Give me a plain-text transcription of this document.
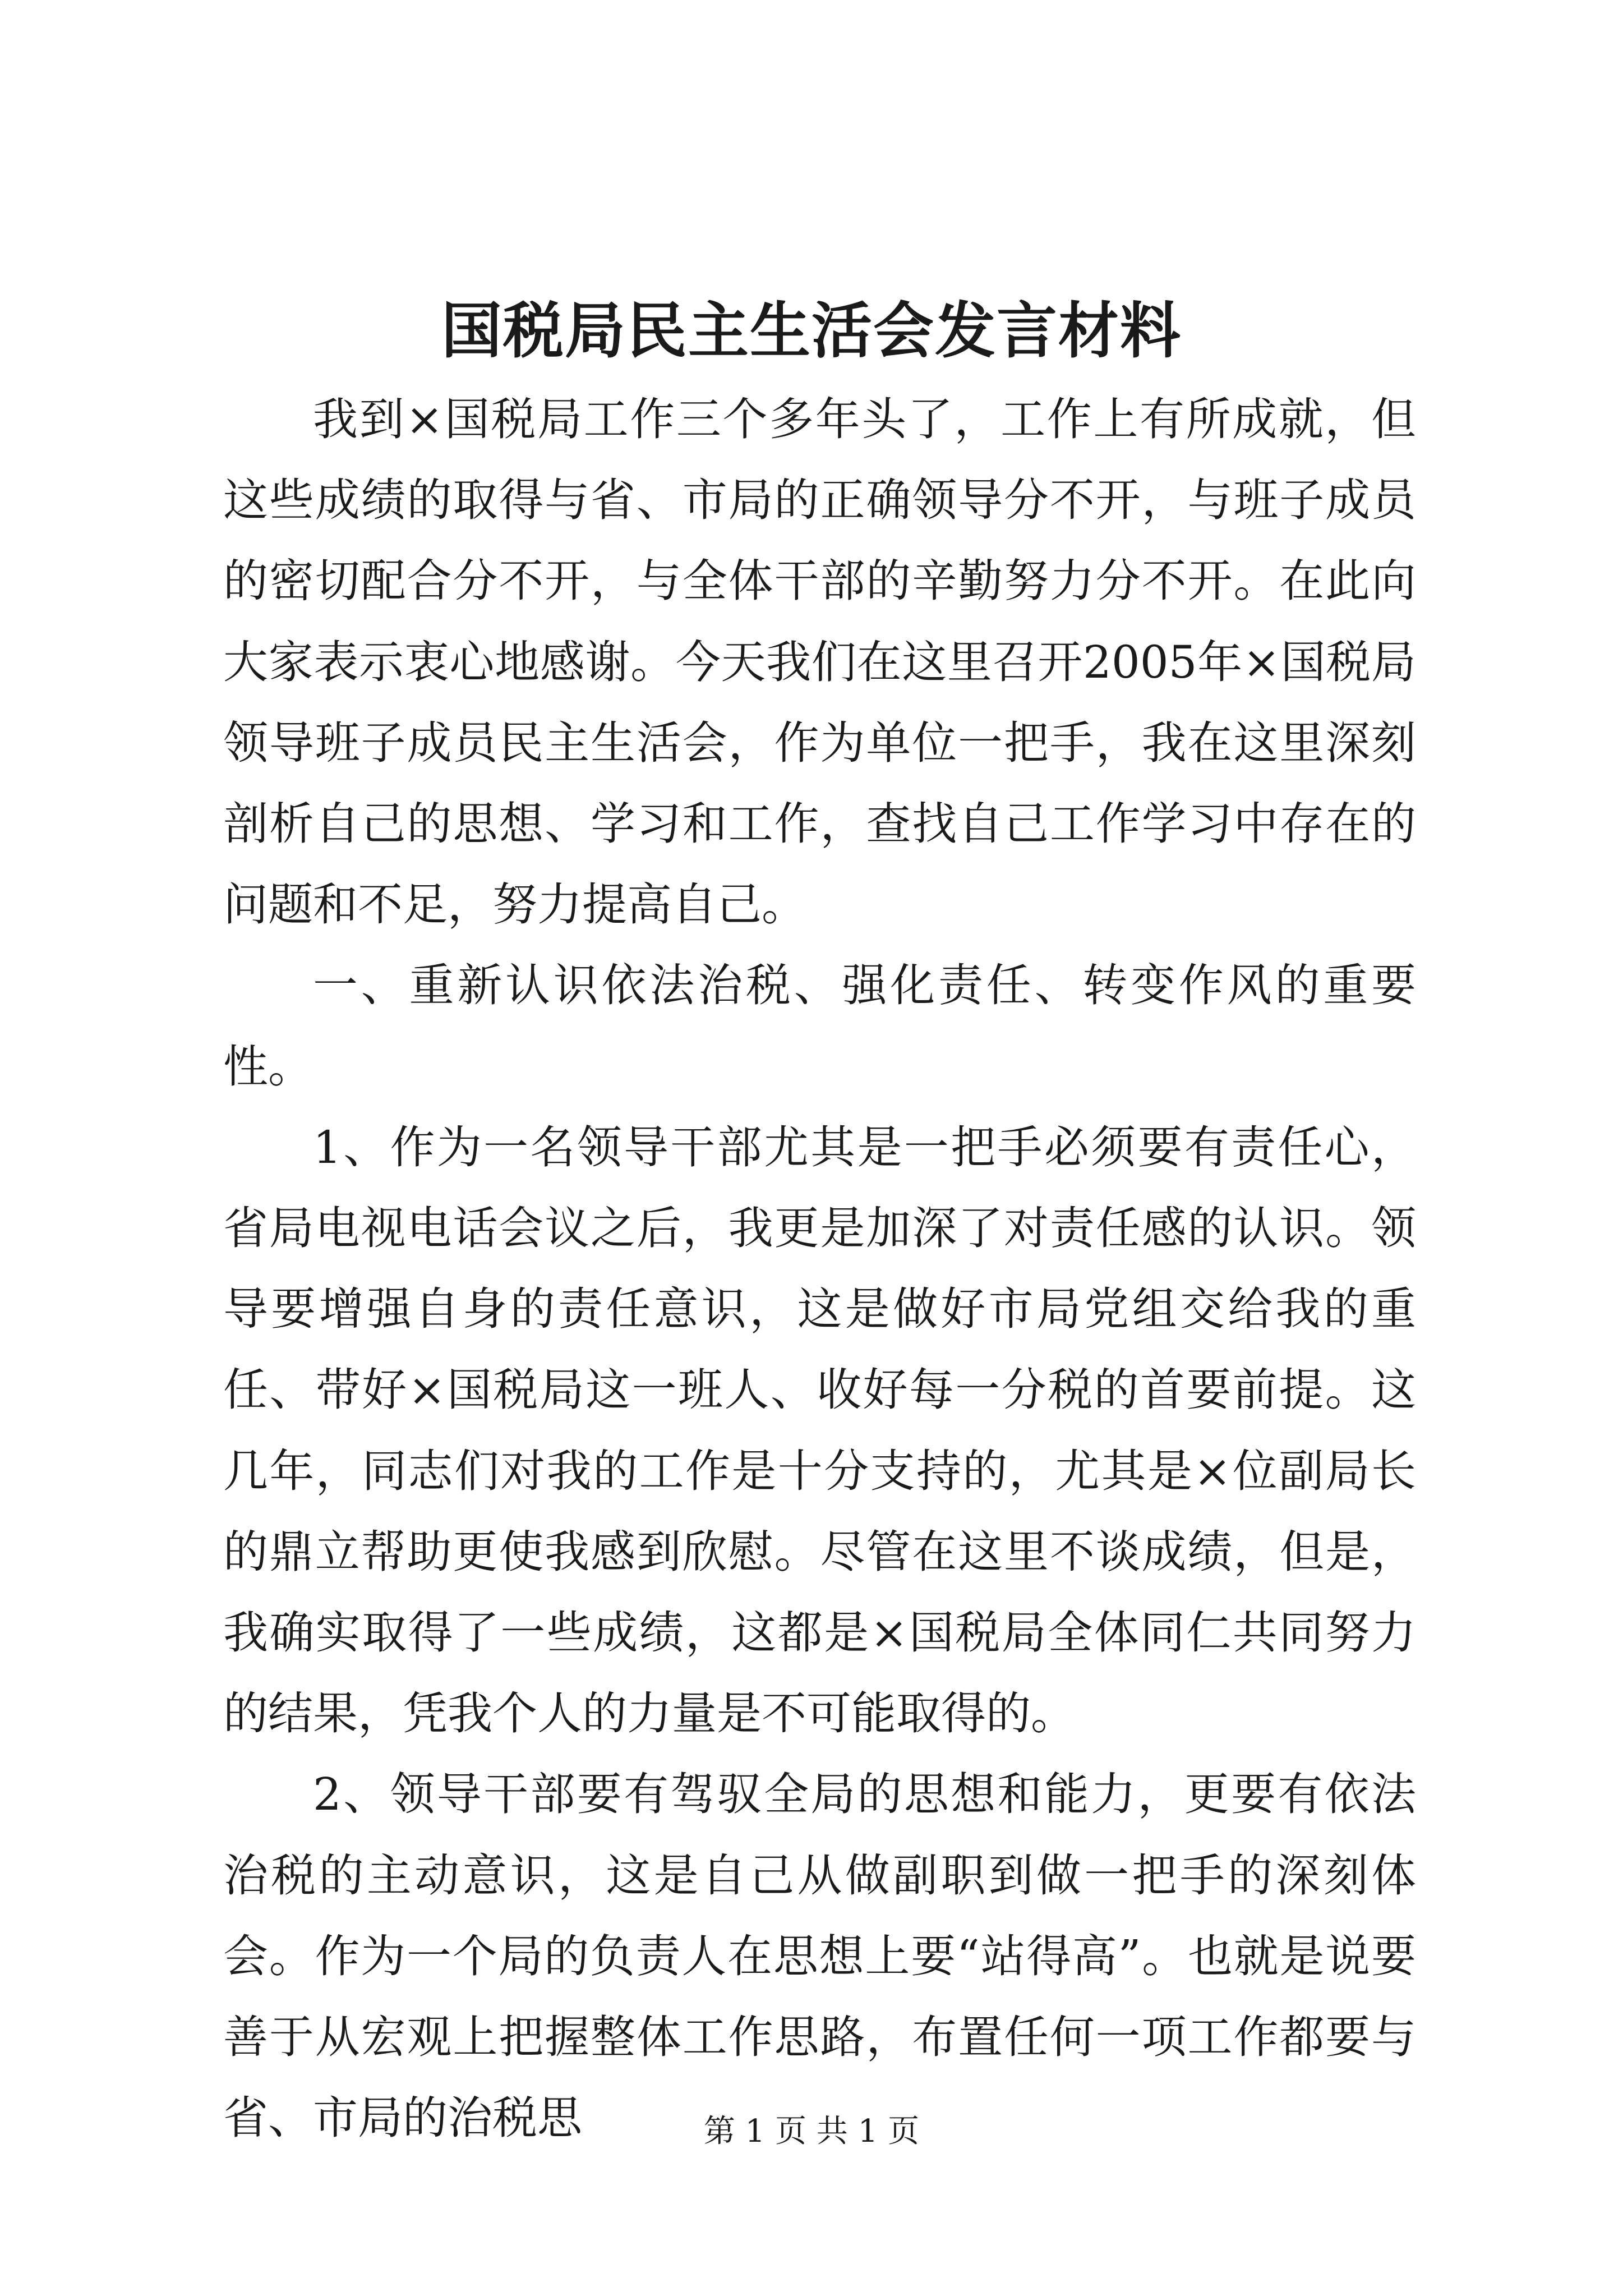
国税局民主生活会发言材料

我到×国税局工作三个多年头了，工作上有所成就，但这些成绩的取得与省、市局的正确领导分不开，与班子成员的密切配合分不开，与全体干部的辛勤努力分不开。在此向大家表示衷心地感谢。今天我们在这里召开2005年×国税局领导班子成员民主生活会，作为单位一把手，我在这里深刻剖析自己的思想、学习和工作，查找自己工作学习中存在的问题和不足，努力提高自己。

一、重新认识依法治税、强化责任、转变作风的重要性。

1、作为一名领导干部尤其是一把手必须要有责任心，省局电视电话会议之后，我更是加深了对责任感的认识。领导要增强自身的责任意识，这是做好市局党组交给我的重任、带好×国税局这一班人、收好每一分税的首要前提。这几年，同志们对我的工作是十分支持的，尤其是×位副局长的鼎立帮助更使我感到欣慰。尽管在这里不谈成绩，但是，我确实取得了一些成绩，这都是×国税局全体同仁共同努力的结果，凭我个人的力量是不可能取得的。

2、领导干部要有驾驭全局的思想和能力，更要有依法治税的主动意识，这是自己从做副职到做一把手的深刻体会。作为一个局的负责人在思想上要“站得高”。也就是说要善于从宏观上把握整体工作思路，布置任何一项工作都要与省、市局的治税思	第 1 页 共 1 页
